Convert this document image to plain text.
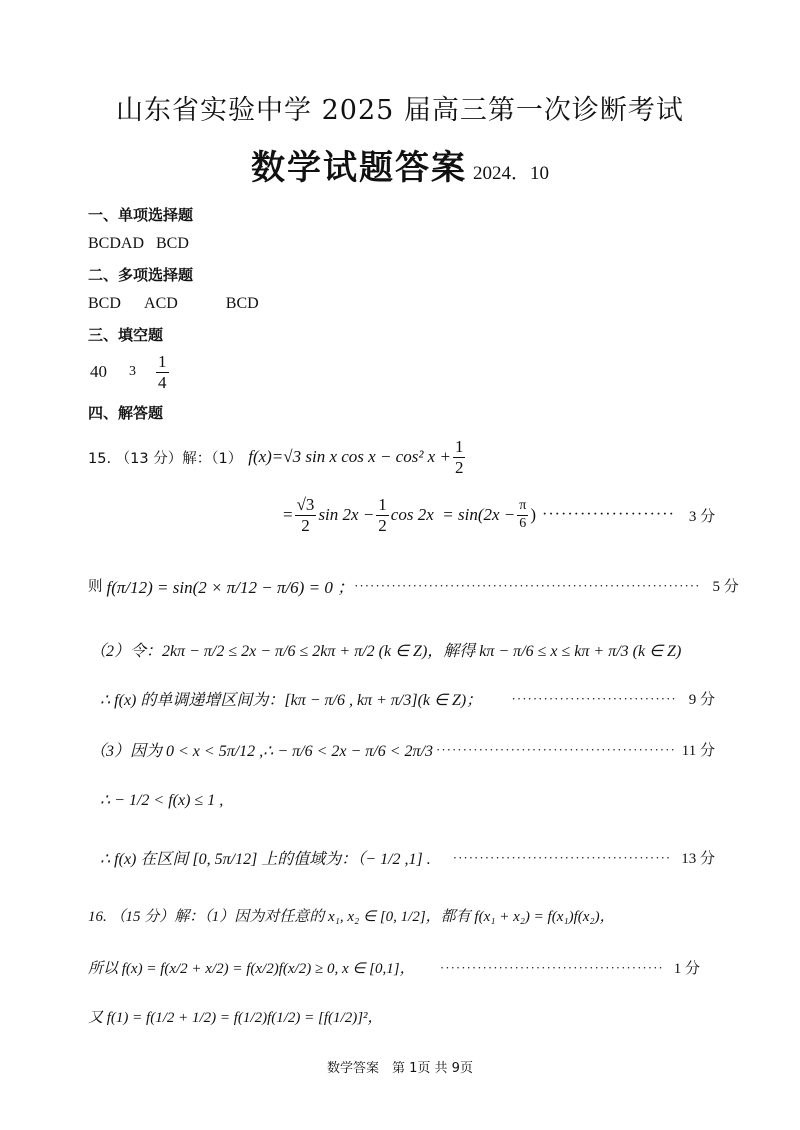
山东省实验中学 2025 届高三第一次诊断考试
数学试题答案 2024．10
一、单项选择题
BCDAD BCD
二、多项选择题
BCD  ACD    BCD
三、填空题
40 $3 \frac{1}{4}$
四、解答题
15. （13 分）解：（1） f(x)=√3 sin x cos x − cos² $x + \frac{1}{2}$
= $\frac{√3}{2}$ $\sin 2x - \frac{1}{2}$ $\cos 2x = \sin(2x - \frac{\pi}{6}$ ) ····················· 3 分
则 f(π/12) = sin(2 × π/12 − π/6) = 0 ； ································································· 5 分
（2）令：2kπ − π/2 ≤ 2x − π/6 ≤ 2kπ + π/2 (k ∈ Z)，解得 kπ − π/6 ≤ x ≤ kπ + π/3 (k ∈ Z)
∴ f(x) 的单调递增区间为：[kπ − π/6 , kπ + π/3](k ∈ Z)； ······························· 9 分
（3）因为 0 < x < 5π/12 ,∴ − π/6 < 2x − π/6 < 2π/3 ············································· 11 分
∴ − 1/2 < f(x) ≤ 1 ,
∴ f(x) 在区间 [0, 5π/12] 上的值域为：（− 1/2 ,1] . ········································· 13 分
16. （15 分）解：（1）因为对任意的 x₁, x₂ ∈ [0, 1/2]，都有 f(x₁ + x₂) = f(x₁)f(x₂)，
所以 f(x) = f(x/2 + x/2) = f(x/2)f(x/2) ≥ 0, x ∈ [0,1]， ·········································· 1 分
又 f(1) = f(1/2 + 1/2) = f(1/2)f(1/2) = [f(1/2)]²，
数学答案　第 1页 共 9页
